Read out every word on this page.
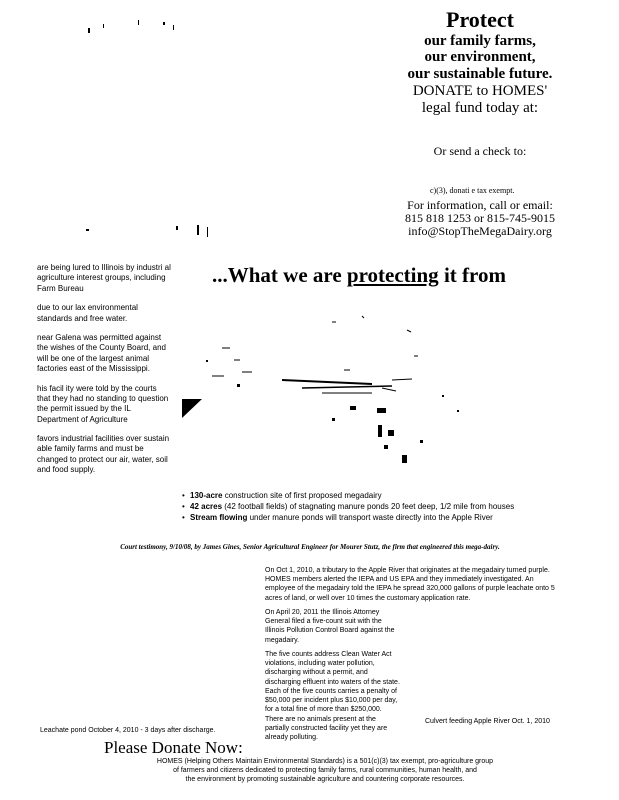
Protect
our family farms,
our environment,
our sustainable future.
DONATE to HOMES'
legal fund today at:
Or send a check to:
c)(3), donati e tax exempt.
For information, call or email:
815 818 1253 or 815-745-9015
info@StopTheMegaDairy.org

are being lured to Illinois by industri al agriculture interest groups, including Farm Bureau

due to our lax environmental standards and free water.

near Galena was permitted against the wishes of the County Board, and will be one of the largest animal factories east of the Mississippi.

his facil ity were told by the courts that they had no standing to question the permit issued by the IL Department of Agriculture

favors industrial facilities over sustain able family farms and must be changed to protect our air, water, soil and food supply.

...What we are protecting it from
• 130-acre construction site of first proposed megadairy
• 42 acres (42 football fields) of stagnating manure ponds 20 feet deep, 1/2 mile from houses
• Stream flowing under manure ponds will transport waste directly into the Apple River
Court testimony, 9/10/08, by James Gines, Senior Agricultural Engineer for Mourer Stutz, the firm that engineered this mega-dairy.

On Oct 1, 2010, a tributary to the Apple River that originates at the megadairy turned purple. HOMES members alerted the IEPA and US EPA and they immediately investigated. An employee of the megadairy told the IEPA he spread 320,000 gallons of purple leachate onto 5 acres of land, or well over 10 times the customary application rate.

On April 20, 2011 the Illinois Attorney General filed a five-count suit with the Illinois Pollution Control Board against the megadairy.

The five counts address Clean Water Act violations, including water pollution, discharging without a permit, and discharging effluent into waters of the state. Each of the five counts carries a penalty of $50,000 per incident plus $10,000 per day, for a total fine of more than $250,000. There are no animals present at the partially constructed facility yet they are already polluting.

Leachate pond October 4, 2010 - 3 days after discharge.
Culvert feeding Apple River Oct. 1, 2010
Please Donate Now:
HOMES (Helping Others Maintain Environmental Standards) is a 501(c)(3) tax exempt, pro-agriculture group
of farmers and citizens dedicated to protecting family farms, rural communities, human health, and
the environment by promoting sustainable agriculture and countering corporate resources.
